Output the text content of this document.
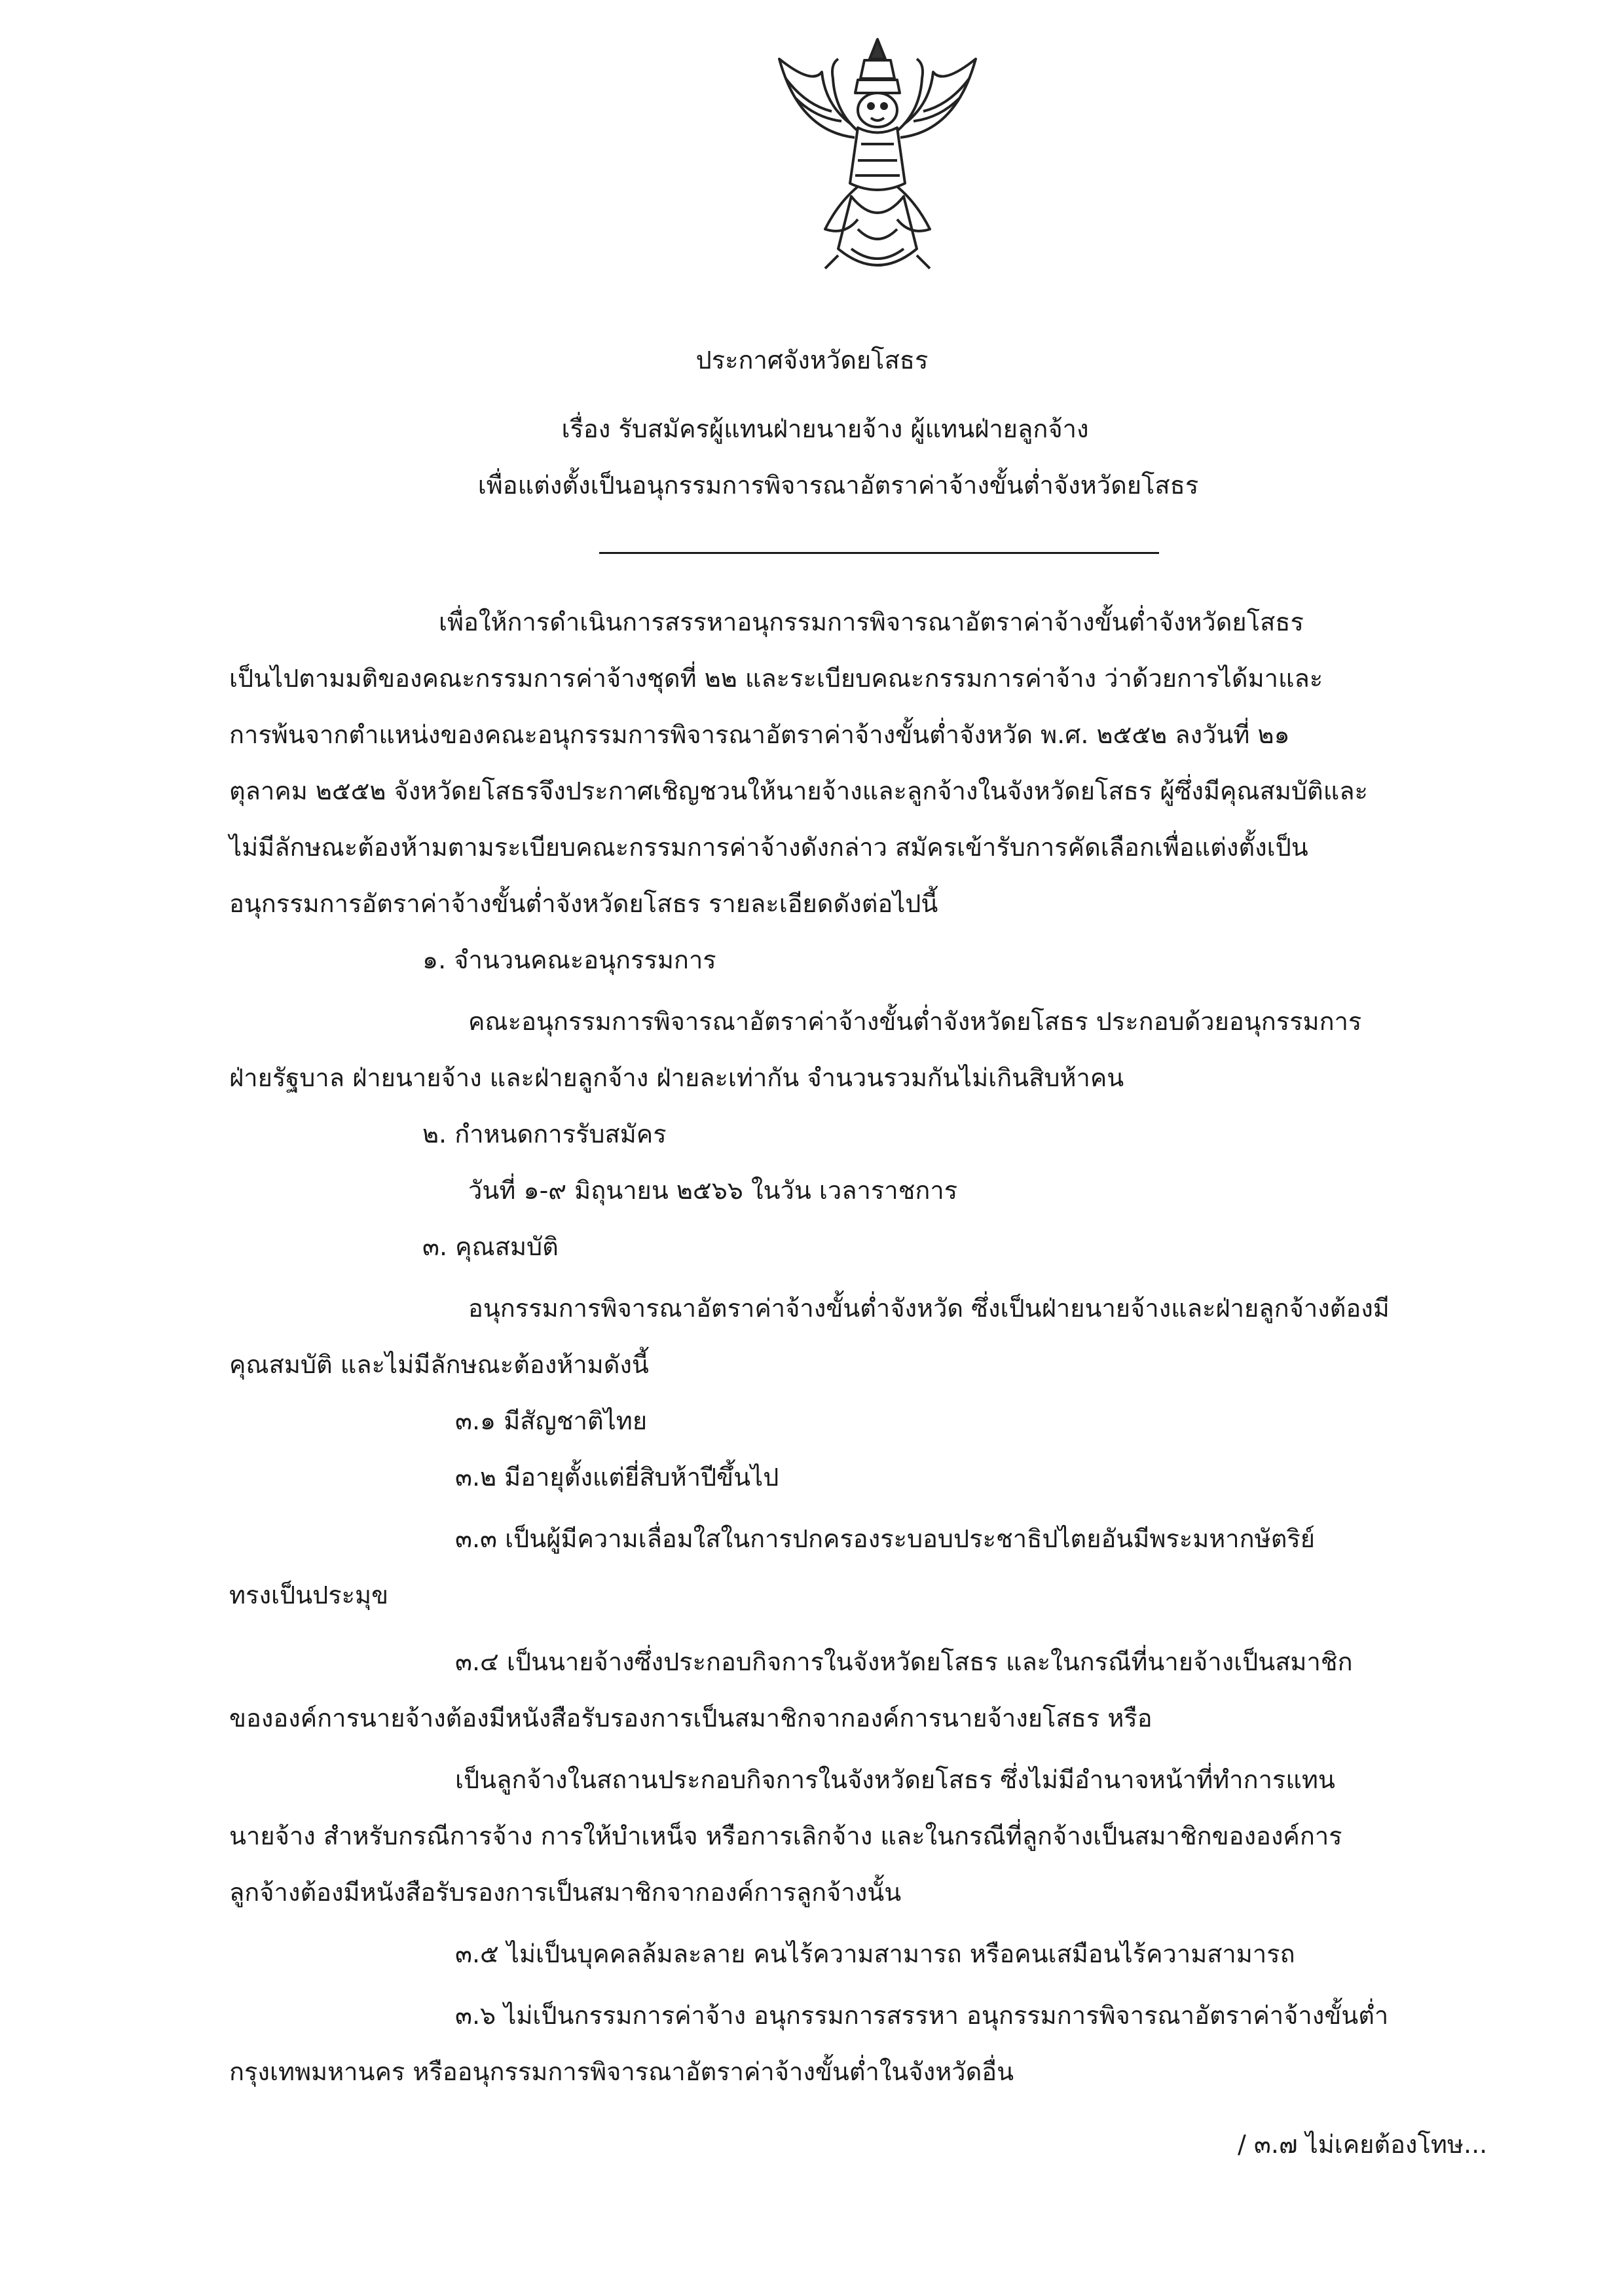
ประกาศจังหวัดยโสธร
เรื่อง รับสมัครผู้แทนฝ่ายนายจ้าง ผู้แทนฝ่ายลูกจ้าง
เพื่อแต่งตั้งเป็นอนุกรรมการพิจารณาอัตราค่าจ้างขั้นต่ำจังหวัดยโสธร
เพื่อให้การดำเนินการสรรหาอนุกรรมการพิจารณาอัตราค่าจ้างขั้นต่ำจังหวัดยโสธร
เป็นไปตามมติของคณะกรรมการค่าจ้างชุดที่ ๒๒ และระเบียบคณะกรรมการค่าจ้าง ว่าด้วยการได้มาและ
การพ้นจากตำแหน่งของคณะอนุกรรมการพิจารณาอัตราค่าจ้างขั้นต่ำจังหวัด พ.ศ. ๒๕๕๒ ลงวันที่ ๒๑
ตุลาคม ๒๕๕๒ จังหวัดยโสธรจึงประกาศเชิญชวนให้นายจ้างและลูกจ้างในจังหวัดยโสธร ผู้ซึ่งมีคุณสมบัติและ
ไม่มีลักษณะต้องห้ามตามระเบียบคณะกรรมการค่าจ้างดังกล่าว สมัครเข้ารับการคัดเลือกเพื่อแต่งตั้งเป็น
อนุกรรมการอัตราค่าจ้างขั้นต่ำจังหวัดยโสธร รายละเอียดดังต่อไปนี้
๑. จำนวนคณะอนุกรรมการ
คณะอนุกรรมการพิจารณาอัตราค่าจ้างขั้นต่ำจังหวัดยโสธร ประกอบด้วยอนุกรรมการ
ฝ่ายรัฐบาล ฝ่ายนายจ้าง และฝ่ายลูกจ้าง ฝ่ายละเท่ากัน จำนวนรวมกันไม่เกินสิบห้าคน
๒. กำหนดการรับสมัคร
วันที่ ๑-๙ มิถุนายน ๒๕๖๖ ในวัน เวลาราชการ
๓. คุณสมบัติ
อนุกรรมการพิจารณาอัตราค่าจ้างขั้นต่ำจังหวัด ซึ่งเป็นฝ่ายนายจ้างและฝ่ายลูกจ้างต้องมี
คุณสมบัติ และไม่มีลักษณะต้องห้ามดังนี้
๓.๑ มีสัญชาติไทย
๓.๒ มีอายุตั้งแต่ยี่สิบห้าปีขึ้นไป
๓.๓ เป็นผู้มีความเลื่อมใสในการปกครองระบอบประชาธิปไตยอันมีพระมหากษัตริย์
ทรงเป็นประมุข
๓.๔ เป็นนายจ้างซึ่งประกอบกิจการในจังหวัดยโสธร และในกรณีที่นายจ้างเป็นสมาชิก
ขององค์การนายจ้างต้องมีหนังสือรับรองการเป็นสมาชิกจากองค์การนายจ้างยโสธร หรือ
เป็นลูกจ้างในสถานประกอบกิจการในจังหวัดยโสธร ซึ่งไม่มีอำนาจหน้าที่ทำการแทน
นายจ้าง สำหรับกรณีการจ้าง การให้บำเหน็จ หรือการเลิกจ้าง และในกรณีที่ลูกจ้างเป็นสมาชิกขององค์การ
ลูกจ้างต้องมีหนังสือรับรองการเป็นสมาชิกจากองค์การลูกจ้างนั้น
๓.๕ ไม่เป็นบุคคลล้มละลาย คนไร้ความสามารถ หรือคนเสมือนไร้ความสามารถ
๓.๖ ไม่เป็นกรรมการค่าจ้าง อนุกรรมการสรรหา อนุกรรมการพิจารณาอัตราค่าจ้างขั้นต่ำ
กรุงเทพมหานคร หรืออนุกรรมการพิจารณาอัตราค่าจ้างขั้นต่ำในจังหวัดอื่น
/ ๓.๗ ไม่เคยต้องโทษ...
